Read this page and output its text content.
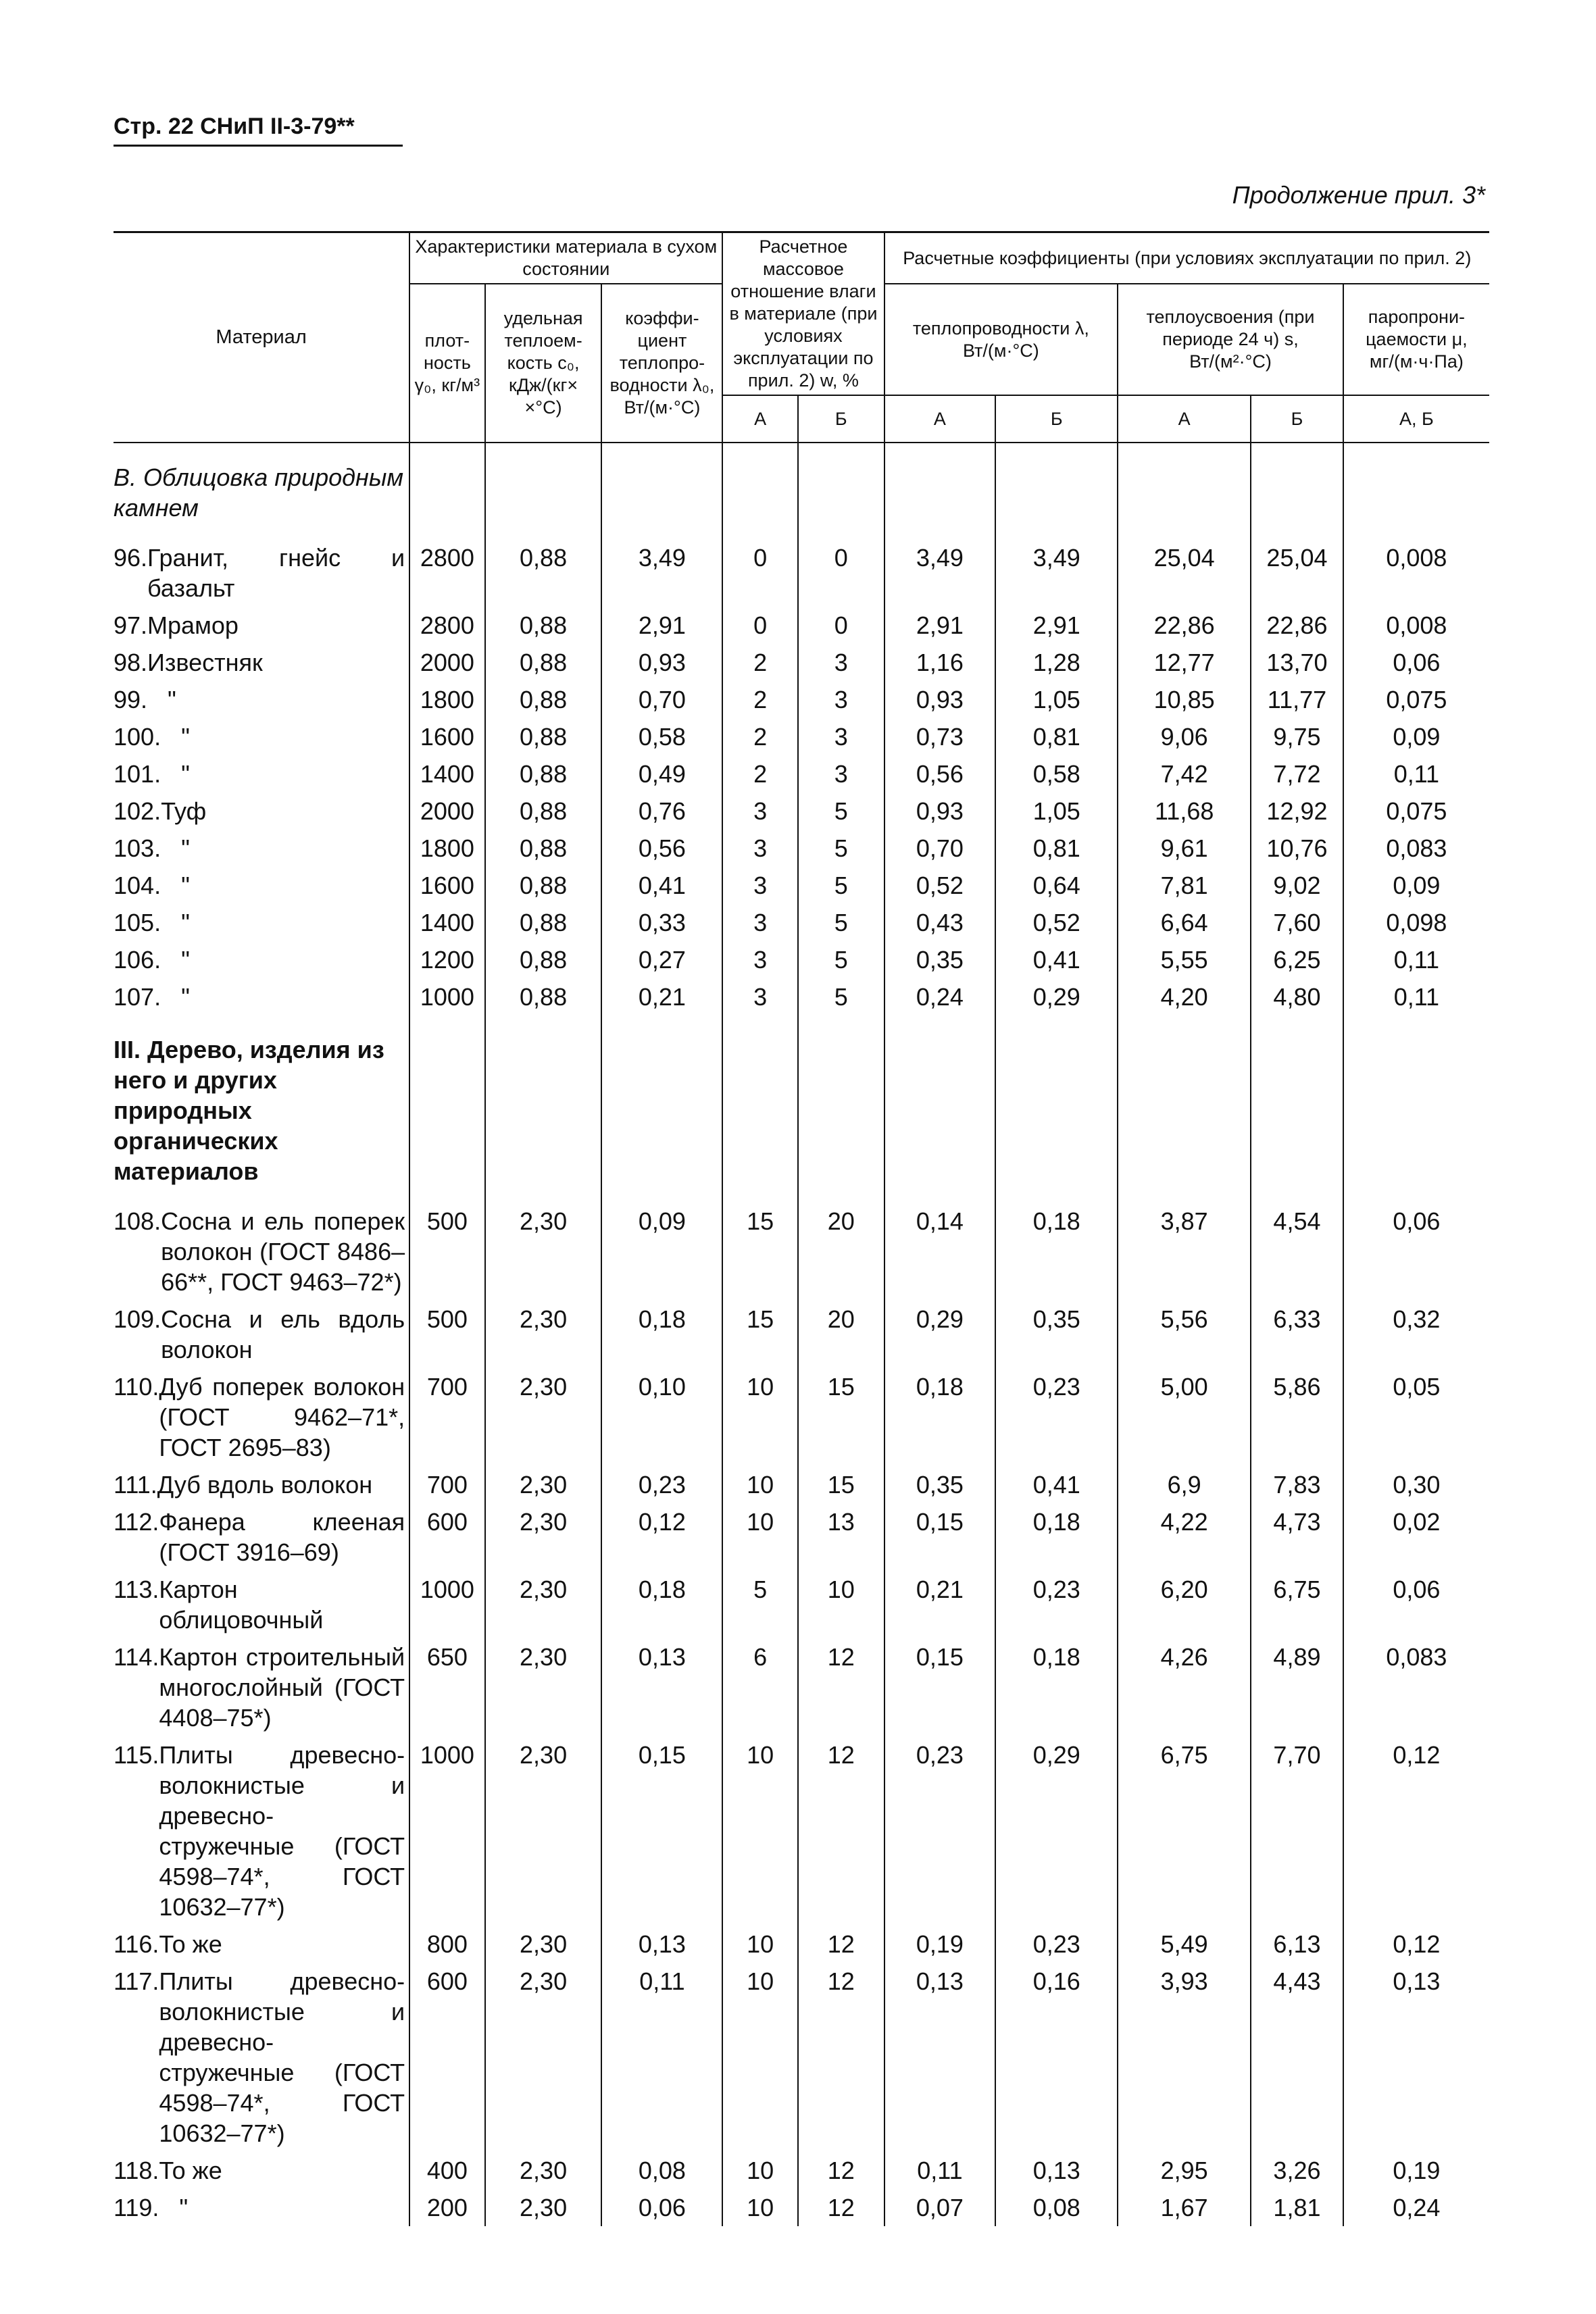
Стр. 22 СНиП II-3-79**
Продолжение прил. 3*
Материал	Характеристики материала в сухом состоянии			Расчетное массовое отношение влаги в материале (при условиях эксплуатации по прил. 2) w, %		Расчетные коэффициенты (при условиях эксплуатации по прил. 2)				
	плот-ность γ₀, кг/м³	удельная теплоем-кость c₀, кДж/(кг× ×°C)	коэффи-циент теплопро-водности λ₀, Вт/(м·°C)			теплопроводности λ, Вт/(м·°C)		теплоусвоения (при периоде 24 ч) s, Вт/(м²·°C)		паропрони-цаемости μ, мг/(м·ч·Па)
				А	Б	А	Б	А	Б	А, Б
В. Облицовка природным камнем										

96. Гранит, гнейс и базальт	2800	0,88	3,49	0	0	3,49	3,49	25,04	25,04	0,008

97. Мрамор	2800	0,88	2,91	0	0	2,91	2,91	22,86	22,86	0,008

98. Известняк	2000	0,88	0,93	2	3	1,16	1,28	12,77	13,70	0,06

99. "	1800	0,88	0,70	2	3	0,93	1,05	10,85	11,77	0,075

100. "	1600	0,88	0,58	2	3	0,73	0,81	9,06	9,75	0,09

101. "	1400	0,88	0,49	2	3	0,56	0,58	7,42	7,72	0,11

102. Туф	2000	0,88	0,76	3	5	0,93	1,05	11,68	12,92	0,075

103. "	1800	0,88	0,56	3	5	0,70	0,81	9,61	10,76	0,083

104. "	1600	0,88	0,41	3	5	0,52	0,64	7,81	9,02	0,09

105. "	1400	0,88	0,33	3	5	0,43	0,52	6,64	7,60	0,098

106. "	1200	0,88	0,27	3	5	0,35	0,41	5,55	6,25	0,11

107. "	1000	0,88	0,21	3	5	0,24	0,29	4,20	4,80	0,11
III. Дерево, изделия из него и других природных органических материалов										

108. Сосна и ель поперек волокон (ГОСТ 8486–66**, ГОСТ 9463–72*)	500	2,30	0,09	15	20	0,14	0,18	3,87	4,54	0,06

109. Сосна и ель вдоль волокон	500	2,30	0,18	15	20	0,29	0,35	5,56	6,33	0,32

110. Дуб поперек волокон (ГОСТ 9462–71*, ГОСТ 2695–83)	700	2,30	0,10	10	15	0,18	0,23	5,00	5,86	0,05

111. Дуб вдоль волокон	700	2,30	0,23	10	15	0,35	0,41	6,9	7,83	0,30

112. Фанера клееная (ГОСТ 3916–69)	600	2,30	0,12	10	13	0,15	0,18	4,22	4,73	0,02

113. Картон облицовочный	1000	2,30	0,18	5	10	0,21	0,23	6,20	6,75	0,06

114. Картон строительный многослойный (ГОСТ 4408–75*)	650	2,30	0,13	6	12	0,15	0,18	4,26	4,89	0,083

115. Плиты древесно-волокнистые и древесно-стружечные (ГОСТ 4598–74*, ГОСТ 10632–77*)	1000	2,30	0,15	10	12	0,23	0,29	6,75	7,70	0,12

116. То же	800	2,30	0,13	10	12	0,19	0,23	5,49	6,13	0,12

117. Плиты древесно-волокнистые и древесно-стружечные (ГОСТ 4598–74*, ГОСТ 10632–77*)	600	2,30	0,11	10	12	0,13	0,16	3,93	4,43	0,13

118. То же	400	2,30	0,08	10	12	0,11	0,13	2,95	3,26	0,19

119. "	200	2,30	0,06	10	12	0,07	0,08	1,67	1,81	0,24
